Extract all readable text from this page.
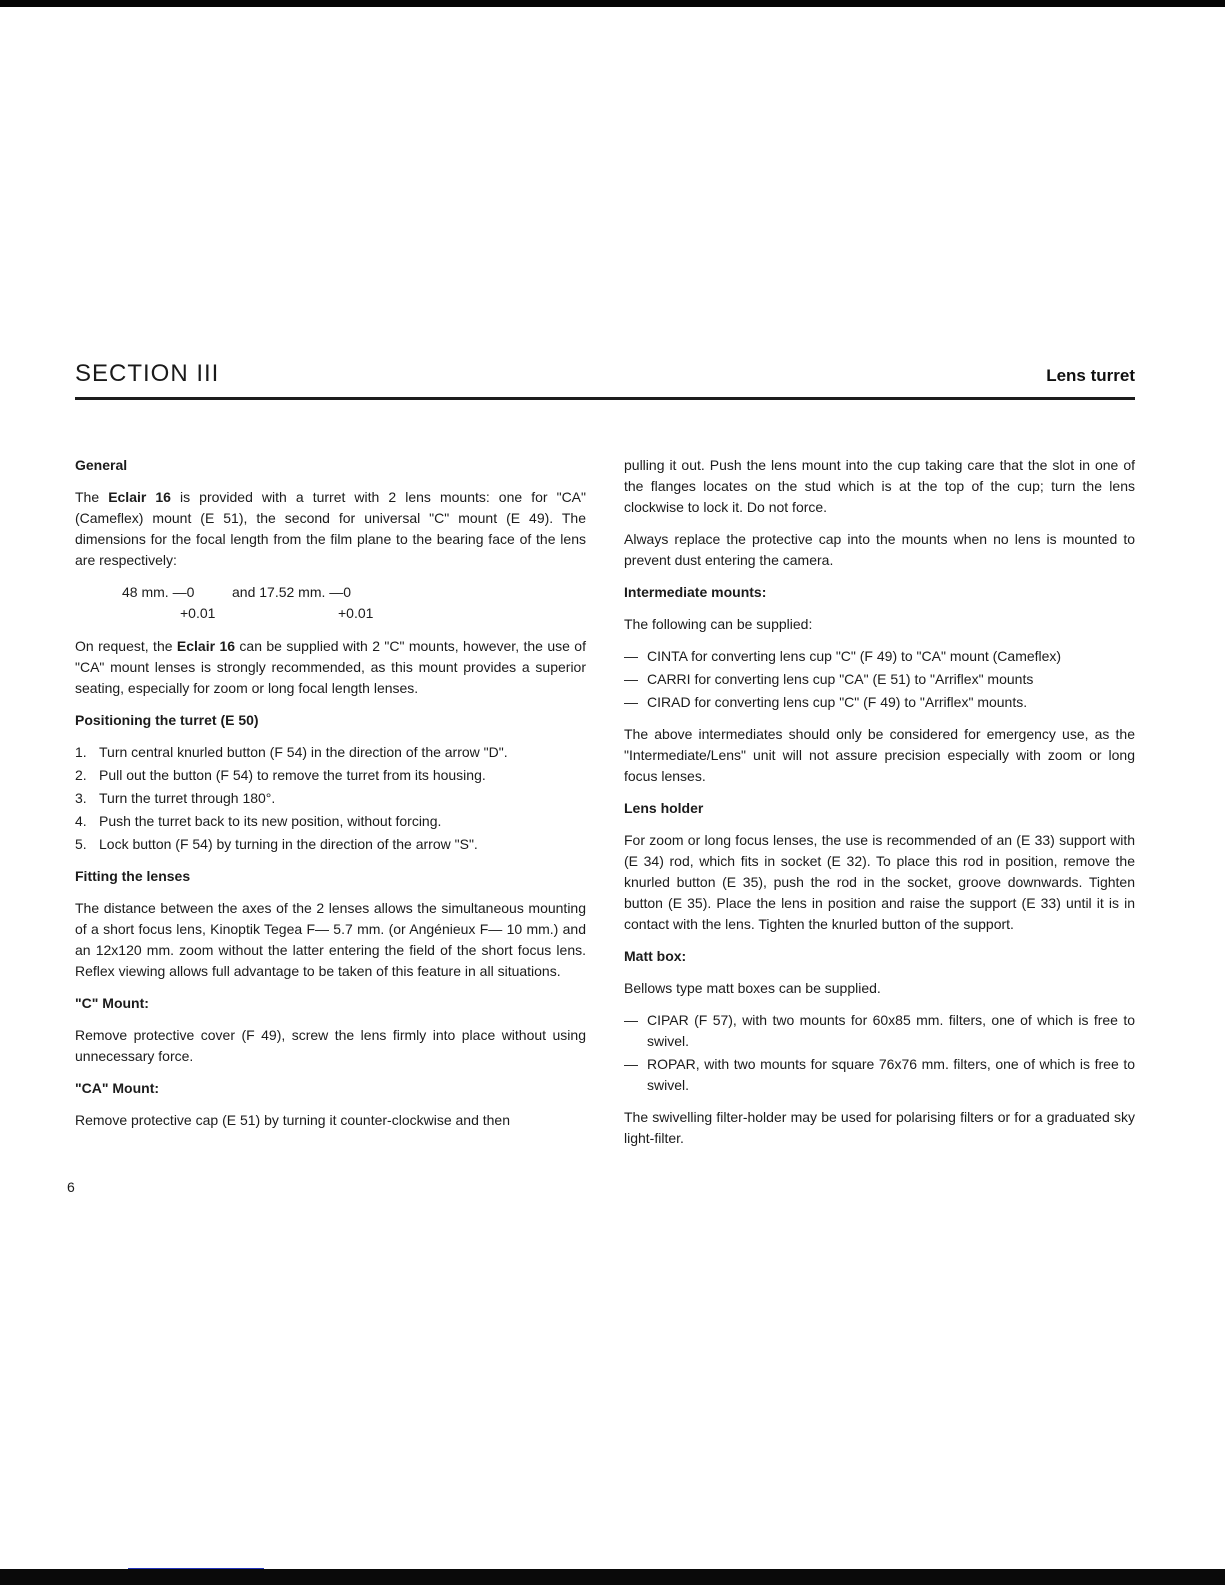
SECTION III	Lens turret

General

The Eclair 16 is provided with a turret with 2 lens mounts: one for "CA" (Cameflex) mount (E 51), the second for universal "C" mount (E 49). The dimensions for the focal length from the film plane to the bearing face of the lens are respectively:

48 mm. —0	and 17.52 mm. —0
+0.01	+0.01

On request, the Eclair 16 can be supplied with 2 "C" mounts, however, the use of "CA" mount lenses is strongly recommended, as this mount provides a superior seating, especially for zoom or long focal length lenses.

Positioning the turret (E 50)

1. Turn central knurled button (F 54) in the direction of the arrow "D".
2. Pull out the button (F 54) to remove the turret from its housing.
3. Turn the turret through 180°.
4. Push the turret back to its new position, without forcing.
5. Lock button (F 54) by turning in the direction of the arrow "S".

Fitting the lenses

The distance between the axes of the 2 lenses allows the simultaneous mounting of a short focus lens, Kinoptik Tegea F— 5.7 mm. (or Angénieux F— 10 mm.) and an 12x120 mm. zoom without the latter entering the field of the short focus lens. Reflex viewing allows full advantage to be taken of this feature in all situations.

"C" Mount:

Remove protective cover (F 49), screw the lens firmly into place without using unnecessary force.

"CA" Mount:

Remove protective cap (E 51) by turning it counter-clockwise and then

6

pulling it out. Push the lens mount into the cup taking care that the slot in one of the flanges locates on the stud which is at the top of the cup; turn the lens clockwise to lock it. Do not force.

Always replace the protective cap into the mounts when no lens is mounted to prevent dust entering the camera.

Intermediate mounts:

The following can be supplied:

— CINTA for converting lens cup "C" (F 49) to "CA" mount (Cameflex)
— CARRI for converting lens cup "CA" (E 51) to "Arriflex" mounts
— CIRAD for converting lens cup "C" (F 49) to "Arriflex" mounts.

The above intermediates should only be considered for emergency use, as the "Intermediate/Lens" unit will not assure precision especially with zoom or long focus lenses.

Lens holder

For zoom or long focus lenses, the use is recommended of an (E 33) support with (E 34) rod, which fits in socket (E 32). To place this rod in position, remove the knurled button (E 35), push the rod in the socket, groove downwards. Tighten button (E 35). Place the lens in position and raise the support (E 33) until it is in contact with the lens. Tighten the knurled button of the support.

Matt box:

Bellows type matt boxes can be supplied.

— CIPAR (F 57), with two mounts for 60x85 mm. filters, one of which is free to swivel.
— ROPAR, with two mounts for square 76x76 mm. filters, one of which is free to swivel.

The swivelling filter-holder may be used for polarising filters or for a graduated sky light-filter.
